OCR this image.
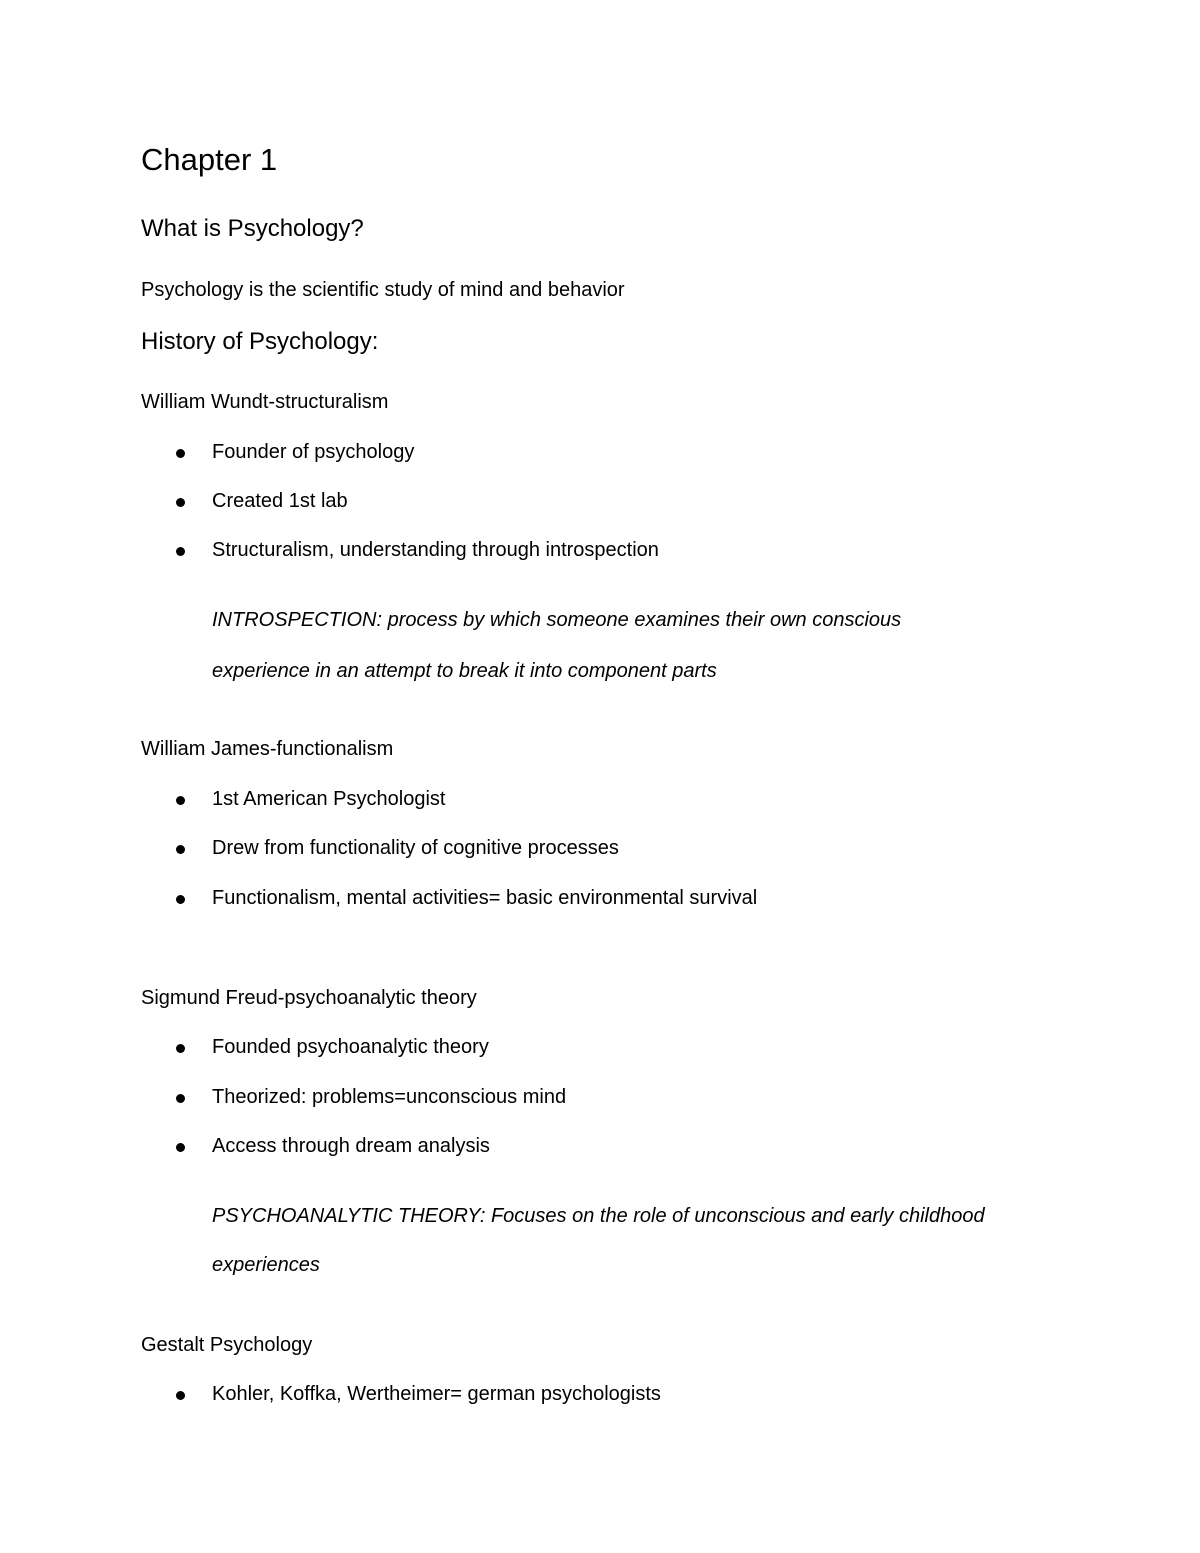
Chapter 1
What is Psychology?

Psychology is the scientific study of mind and behavior

History of Psychology:

William Wundt-structuralism

Founder of psychology
Created 1st lab
Structuralism, understanding through introspection

INTROSPECTION: process by which someone examines their own conscious

experience in an attempt to break it into component parts

William James-functionalism

1st American Psychologist
Drew from functionality of cognitive processes
Functionalism, mental activities= basic environmental survival

Sigmund Freud-psychoanalytic theory

Founded psychoanalytic theory
Theorized: problems=unconscious mind
Access through dream analysis

PSYCHOANALYTIC THEORY: Focuses on the role of unconscious and early childhood

experiences

Gestalt Psychology

Kohler, Koffka, Wertheimer= german psychologists
